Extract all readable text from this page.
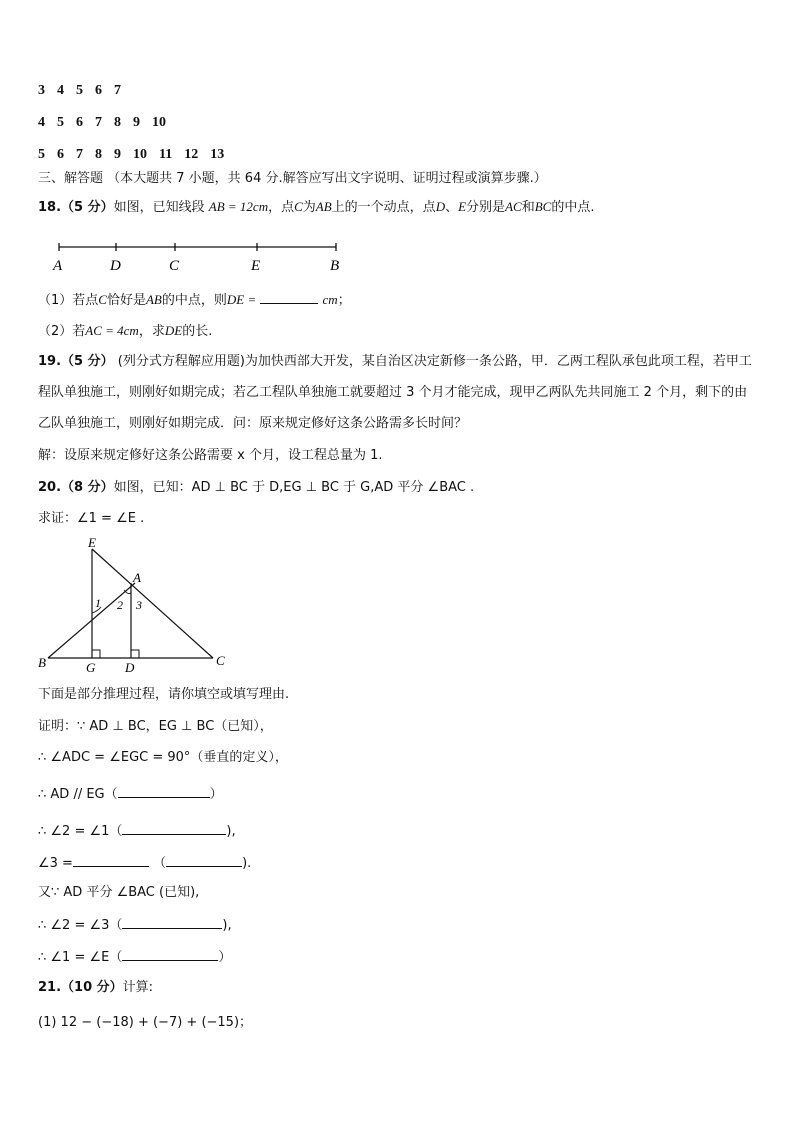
3 4 5 6 7
4 5 6 7 8 9 10
5 6 7 8 9 10 11 12 13
三、解答题 （本大题共 7 小题，共 64 分.解答应写出文字说明、证明过程或演算步骤.）
18.（5 分）如图，已知线段 AB = 12cm，点C为AB上的一个动点，点D、E分别是AC和BC的中点.
A	D	C	E	B
（1）若点C恰好是AB的中点，则DE =	cm；
（2）若AC = 4cm，求DE的长.
19.（5 分） (列分式方程解应用题)为加快西部大开发，某自治区决定新修一条公路，甲．乙两工程队承包此项工程，若甲工程队单独施工，则刚好如期完成；若乙工程队单独施工就要超过 3 个月才能完成，现甲乙两队先共同施工 2 个月，剩下的由乙队单独施工，则刚好如期完成．问：原来规定修好这条公路需多长时间？
解：设原来规定修好这条公路需要 x 个月，设工程总量为 1.
20.（8 分）如图，已知：AD ⊥ BC 于 D,EG ⊥ BC 于 G,AD 平分 ∠BAC .
求证：∠1 = ∠E .
E
A
B	G D	C
1 2 3
下面是部分推理过程，请你填空或填写理由.
证明：∵ AD ⊥ BC，EG ⊥ BC（已知），
∴ ∠ADC = ∠EGC = 90°（垂直的定义），
∴ AD // EG（	）
∴ ∠2 = ∠1（	),
∠3 =	（	).
又∵ AD 平分 ∠BAC (已知),
∴ ∠2 = ∠3（	),
∴ ∠1 = ∠E（	）
21.（10 分）计算:
(1) 12 − (−18) + (−7) + (−15)；
